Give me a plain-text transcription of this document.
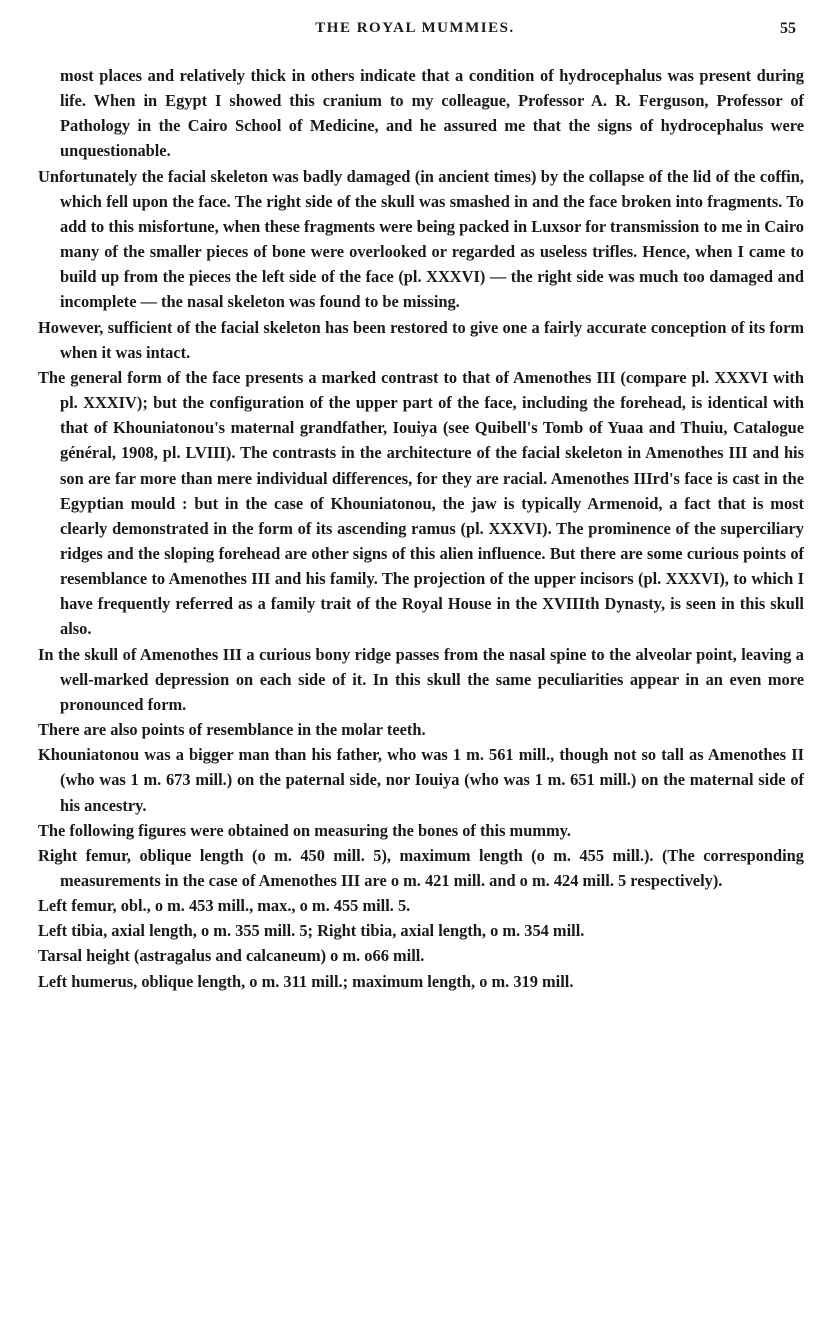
THE ROYAL MUMMIES.	55

most places and relatively thick in others indicate that a condition of hydrocephalus was present during life. When in Egypt I showed this cranium to my colleague, Professor A. R. Ferguson, Professor of Pathology in the Cairo School of Medicine, and he assured me that the signs of hydrocephalus were unquestionable.

Unfortunately the facial skeleton was badly damaged (in ancient times) by the collapse of the lid of the coffin, which fell upon the face. The right side of the skull was smashed in and the face broken into fragments. To add to this misfortune, when these fragments were being packed in Luxsor for transmission to me in Cairo many of the smaller pieces of bone were overlooked or regarded as useless trifles. Hence, when I came to build up from the pieces the left side of the face (pl. XXXVI) — the right side was much too damaged and incomplete — the nasal skeleton was found to be missing.

However, sufficient of the facial skeleton has been restored to give one a fairly accurate conception of its form when it was intact.

The general form of the face presents a marked contrast to that of Amenothes III (compare pl. XXXVI with pl. XXXIV); but the configuration of the upper part of the face, including the forehead, is identical with that of Khouniatonou's maternal grandfather, Iouiya (see Quibell's Tomb of Yuaa and Thuiu, Catalogue général, 1908, pl. LVIII). The contrasts in the architecture of the facial skeleton in Amenothes III and his son are far more than mere individual differences, for they are racial. Amenothes IIIrd's face is cast in the Egyptian mould : but in the case of Khouniatonou, the jaw is typically Armenoid, a fact that is most clearly demonstrated in the form of its ascending ramus (pl. XXXVI). The prominence of the superciliary ridges and the sloping forehead are other signs of this alien influence. But there are some curious points of resemblance to Amenothes III and his family. The projection of the upper incisors (pl. XXXVI), to which I have frequently referred as a family trait of the Royal House in the XVIIIth Dynasty, is seen in this skull also.

In the skull of Amenothes III a curious bony ridge passes from the nasal spine to the alveolar point, leaving a well-marked depression on each side of it. In this skull the same peculiarities appear in an even more pronounced form.

There are also points of resemblance in the molar teeth.

Khouniatonou was a bigger man than his father, who was 1 m. 561 mill., though not so tall as Amenothes II (who was 1 m. 673 mill.) on the paternal side, nor Iouiya (who was 1 m. 651 mill.) on the maternal side of his ancestry.

The following figures were obtained on measuring the bones of this mummy.

Right femur, oblique length (o m. 450 mill. 5), maximum length (o m. 455 mill.). (The corresponding measurements in the case of Amenothes III are o m. 421 mill. and o m. 424 mill. 5 respectively).

Left femur, obl., o m. 453 mill., max., o m. 455 mill. 5.

Left tibia, axial length, o m. 355 mill. 5; Right tibia, axial length, o m. 354 mill.

Tarsal height (astragalus and calcaneum) o m. o66 mill.

Left humerus, oblique length, o m. 311 mill.; maximum length, o m. 319 mill.
